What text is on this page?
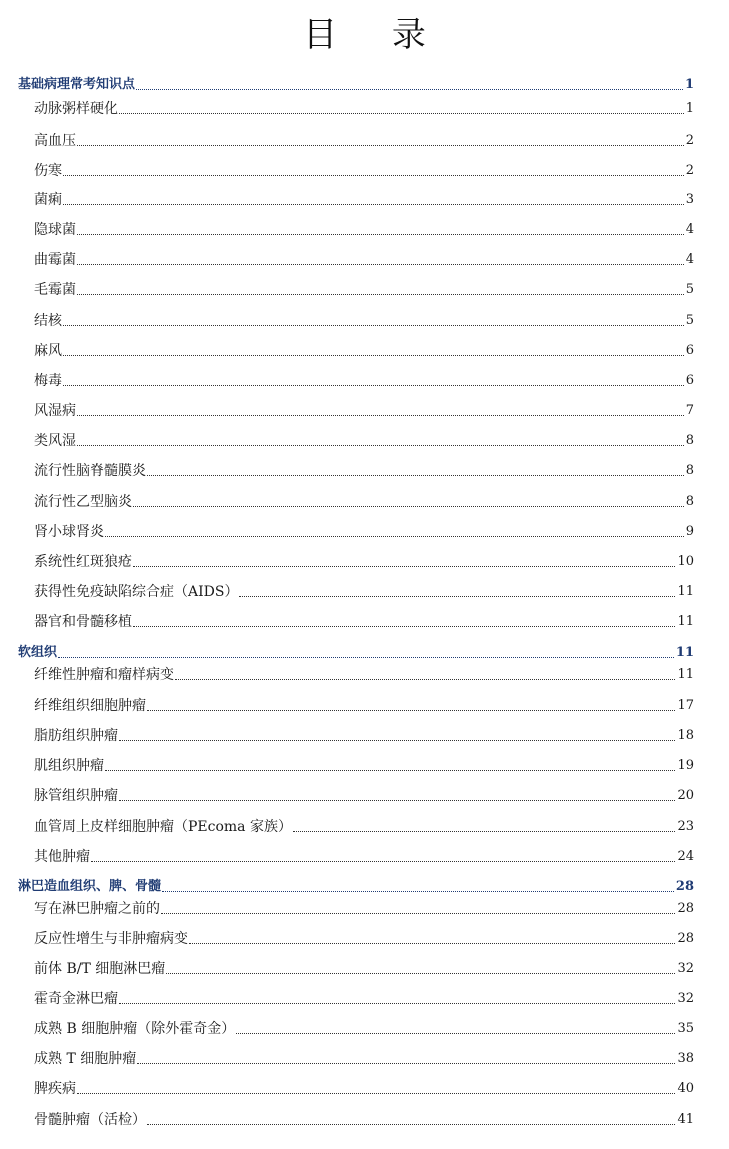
目 录
基础病理常考知识点	1
动脉粥样硬化	1
高血压	2
伤寒	2
菌痢	3
隐球菌	4
曲霉菌	4
毛霉菌	5
结核	5
麻风	6
梅毒	6
风湿病	7
类风湿	8
流行性脑脊髓膜炎	8
流行性乙型脑炎	8
肾小球肾炎	9
系统性红斑狼疮	10
获得性免疫缺陷综合症（AIDS）	11
器官和骨髓移植	11
软组织	11
纤维性肿瘤和瘤样病变	11
纤维组织细胞肿瘤	17
脂肪组织肿瘤	18
肌组织肿瘤	19
脉管组织肿瘤	20
血管周上皮样细胞肿瘤（PEcoma 家族）	23
其他肿瘤	24
淋巴造血组织、脾、骨髓	28
写在淋巴肿瘤之前的	28
反应性增生与非肿瘤病变	28
前体 B/T 细胞淋巴瘤	32
霍奇金淋巴瘤	32
成熟 B 细胞肿瘤（除外霍奇金）	35
成熟 T 细胞肿瘤	38
脾疾病	40
骨髓肿瘤（活检）	41
